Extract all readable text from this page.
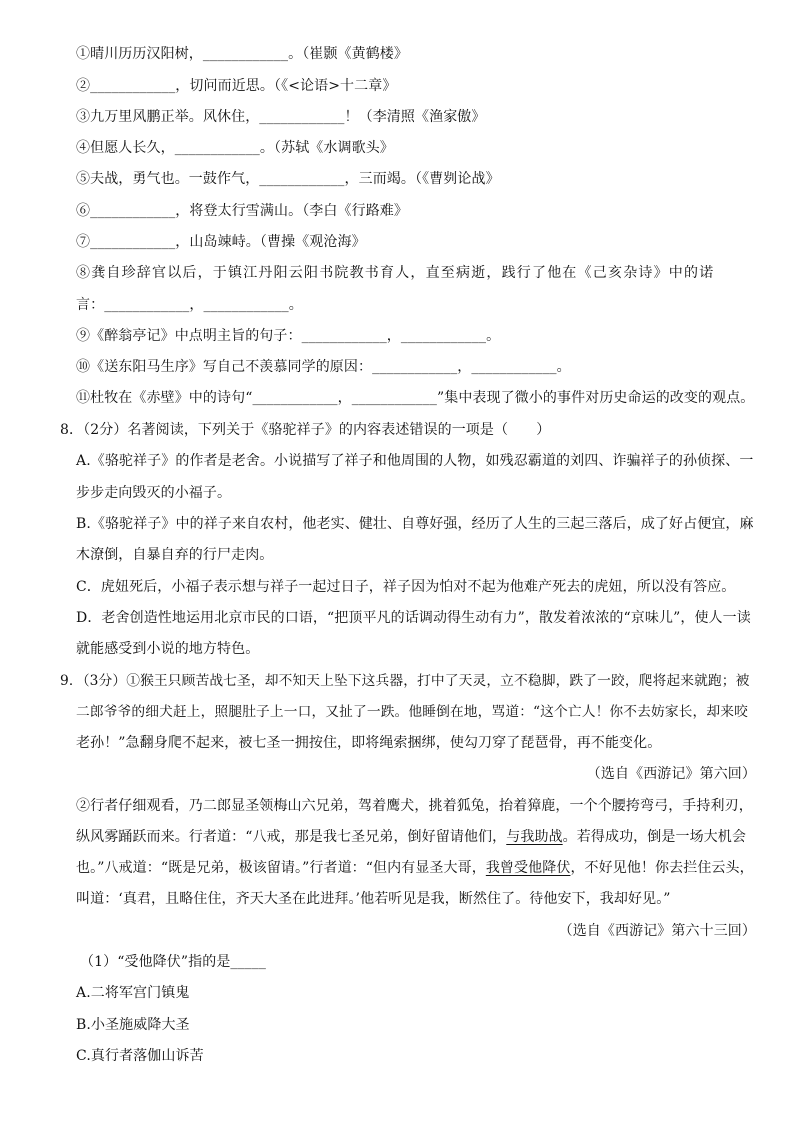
①晴川历历汉阳树，____________。（崔颢《黄鹤楼》
②____________，切问而近思。（《<论语>十二章》
③九万里风鹏正举。风休住，____________！（李清照《渔家傲》
④但愿人长久，____________。（苏轼《水调歌头》
⑤夫战，勇气也。一鼓作气，____________，三而竭。（《曹刿论战》
⑥____________，将登太行雪满山。（李白《行路难》
⑦____________，山岛竦峙。（曹操《观沧海》
⑧龚自珍辞官以后，于镇江丹阳云阳书院教书育人，直至病逝，践行了他在《己亥杂诗》中的诺
言：____________，____________。
⑨《醉翁亭记》中点明主旨的句子：____________，____________。
⑩《送东阳马生序》写自己不羡慕同学的原因：____________，____________。
⑪杜牧在《赤壁》中的诗句“____________，____________”集中表现了微小的事件对历史命运的改变的观点。
8．（2分）名著阅读，下列关于《骆驼祥子》的内容表述错误的一项是（　　）
A.《骆驼祥子》的作者是老舍。小说描写了祥子和他周围的人物，如残忍霸道的刘四、诈骗祥子的孙侦探、一
步步走向毁灭的小福子。
B.《骆驼祥子》中的祥子来自农村，他老实、健壮、自尊好强，经历了人生的三起三落后，成了好占便宜，麻
木潦倒，自暴自弃的行尸走肉。
C．虎妞死后，小福子表示想与祥子一起过日子，祥子因为怕对不起为他难产死去的虎妞，所以没有答应。
D．老舍创造性地运用北京市民的口语，“把顶平凡的话调动得生动有力”，散发着浓浓的“京味儿”，使人一读
就能感受到小说的地方特色。
9．（3分）①猴王只顾苦战七圣，却不知天上坠下这兵器，打中了天灵，立不稳脚，跌了一跤，爬将起来就跑；被
二郎爷爷的细犬赶上，照腿肚子上一口，又扯了一跌。他睡倒在地，骂道：“这个亡人！你不去妨家长，却来咬
老孙！”急翻身爬不起来，被七圣一拥按住，即将绳索捆绑，使勾刀穿了琵琶骨，再不能变化。
（选自《西游记》第六回）
②行者仔细观看，乃二郎显圣领梅山六兄弟，驾着鹰犬，挑着狐兔，抬着獐鹿，一个个腰挎弯弓，手持利刃，
纵风雾踊跃而来。行者道：“八戒，那是我七圣兄弟，倒好留请他们，与我助战。若得成功，倒是一场大机会
也。”八戒道：“既是兄弟，极该留请。”行者道：“但内有显圣大哥，我曾受他降伏，不好见他！你去拦住云头，
叫道：‘真君，且略住住，齐天大圣在此进拜。’他若听见是我，断然住了。待他安下，我却好见。”
（选自《西游记》第六十三回）
（1）“受他降伏”指的是_____
A.二将军宫门镇鬼
B.小圣施威降大圣
C.真行者落伽山诉苦
